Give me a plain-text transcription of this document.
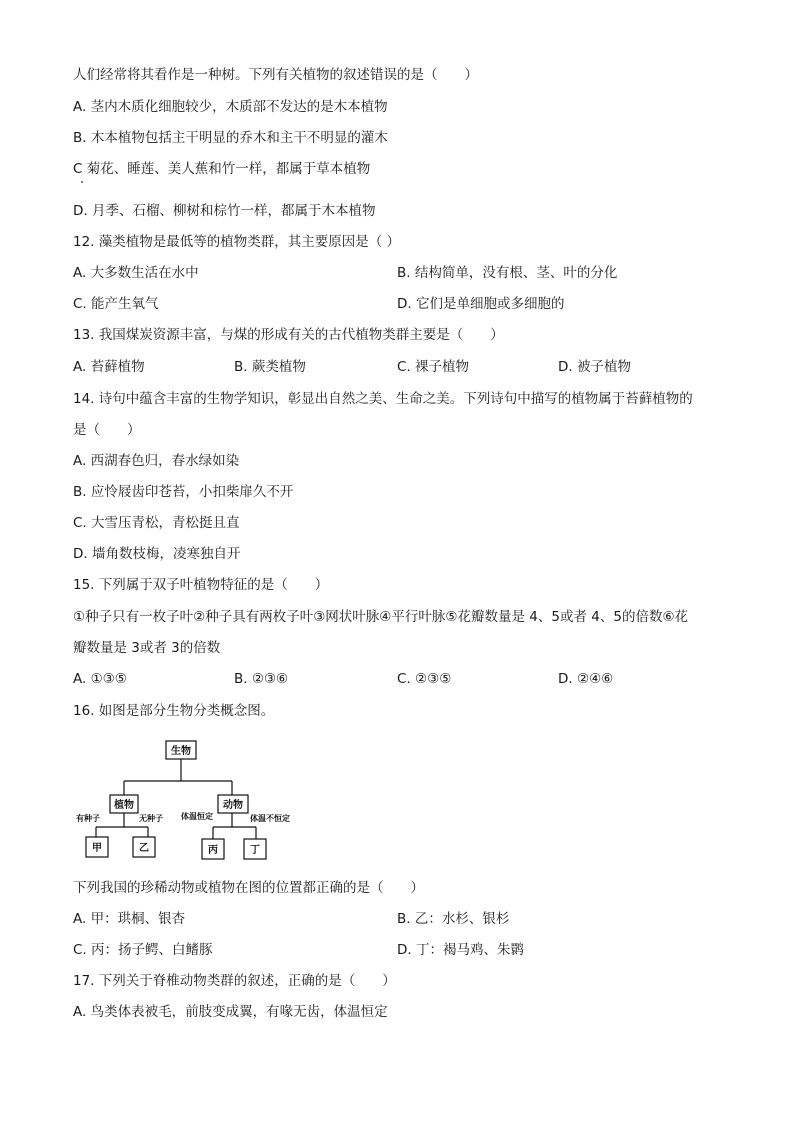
人们经常将其看作是一种树。下列有关植物的叙述错误的是（　　）
A. 茎内木质化细胞较少，木质部不发达的是木本植物
B. 木本植物包括主干明显的乔木和主干不明显的灌木
C 菊花、睡莲、美人蕉和竹一样，都属于草本植物
D. 月季、石榴、柳树和棕竹一样，都属于木本植物
12. 藻类植物是最低等的植物类群，其主要原因是（ ）
A. 大多数生活在水中	B. 结构简单，没有根、茎、叶的分化
C. 能产生氧气	D. 它们是单细胞或多细胞的
13. 我国煤炭资源丰富，与煤的形成有关的古代植物类群主要是（　　）
A. 苔藓植物	B. 蕨类植物	C. 裸子植物	D. 被子植物
14. 诗句中蕴含丰富的生物学知识，彰显出自然之美、生命之美。下列诗句中描写的植物属于苔藓植物的
是（　　）
A. 西湖春色归，春水绿如染
B. 应怜屐齿印苍苔，小扣柴扉久不开
C. 大雪压青松，青松挺且直
D. 墙角数枝梅，凌寒独自开
15. 下列属于双子叶植物特征的是（　　）
①种子只有一枚子叶②种子具有两枚子叶③网状叶脉④平行叶脉⑤花瓣数量是 4、5或者 4、5的倍数⑥花
瓣数量是 3或者 3的倍数
A. ①③⑤	B. ②③⑥	C. ②③⑤	D. ②④⑥
16. 如图是部分生物分类概念图。
生物
植物	动物
有种子	无种子 体温恒定	体温不恒定
甲	乙	丙	丁
下列我国的珍稀动物或植物在图的位置都正确的是（　　）
A. 甲：珙桐、银杏	B. 乙：水杉、银杉
C. 丙：扬子鳄、白鳍豚	D. 丁：褐马鸡、朱鹮
17. 下列关于脊椎动物类群的叙述，正确的是（　　）
A. 鸟类体表被毛，前肢变成翼，有喙无齿，体温恒定
